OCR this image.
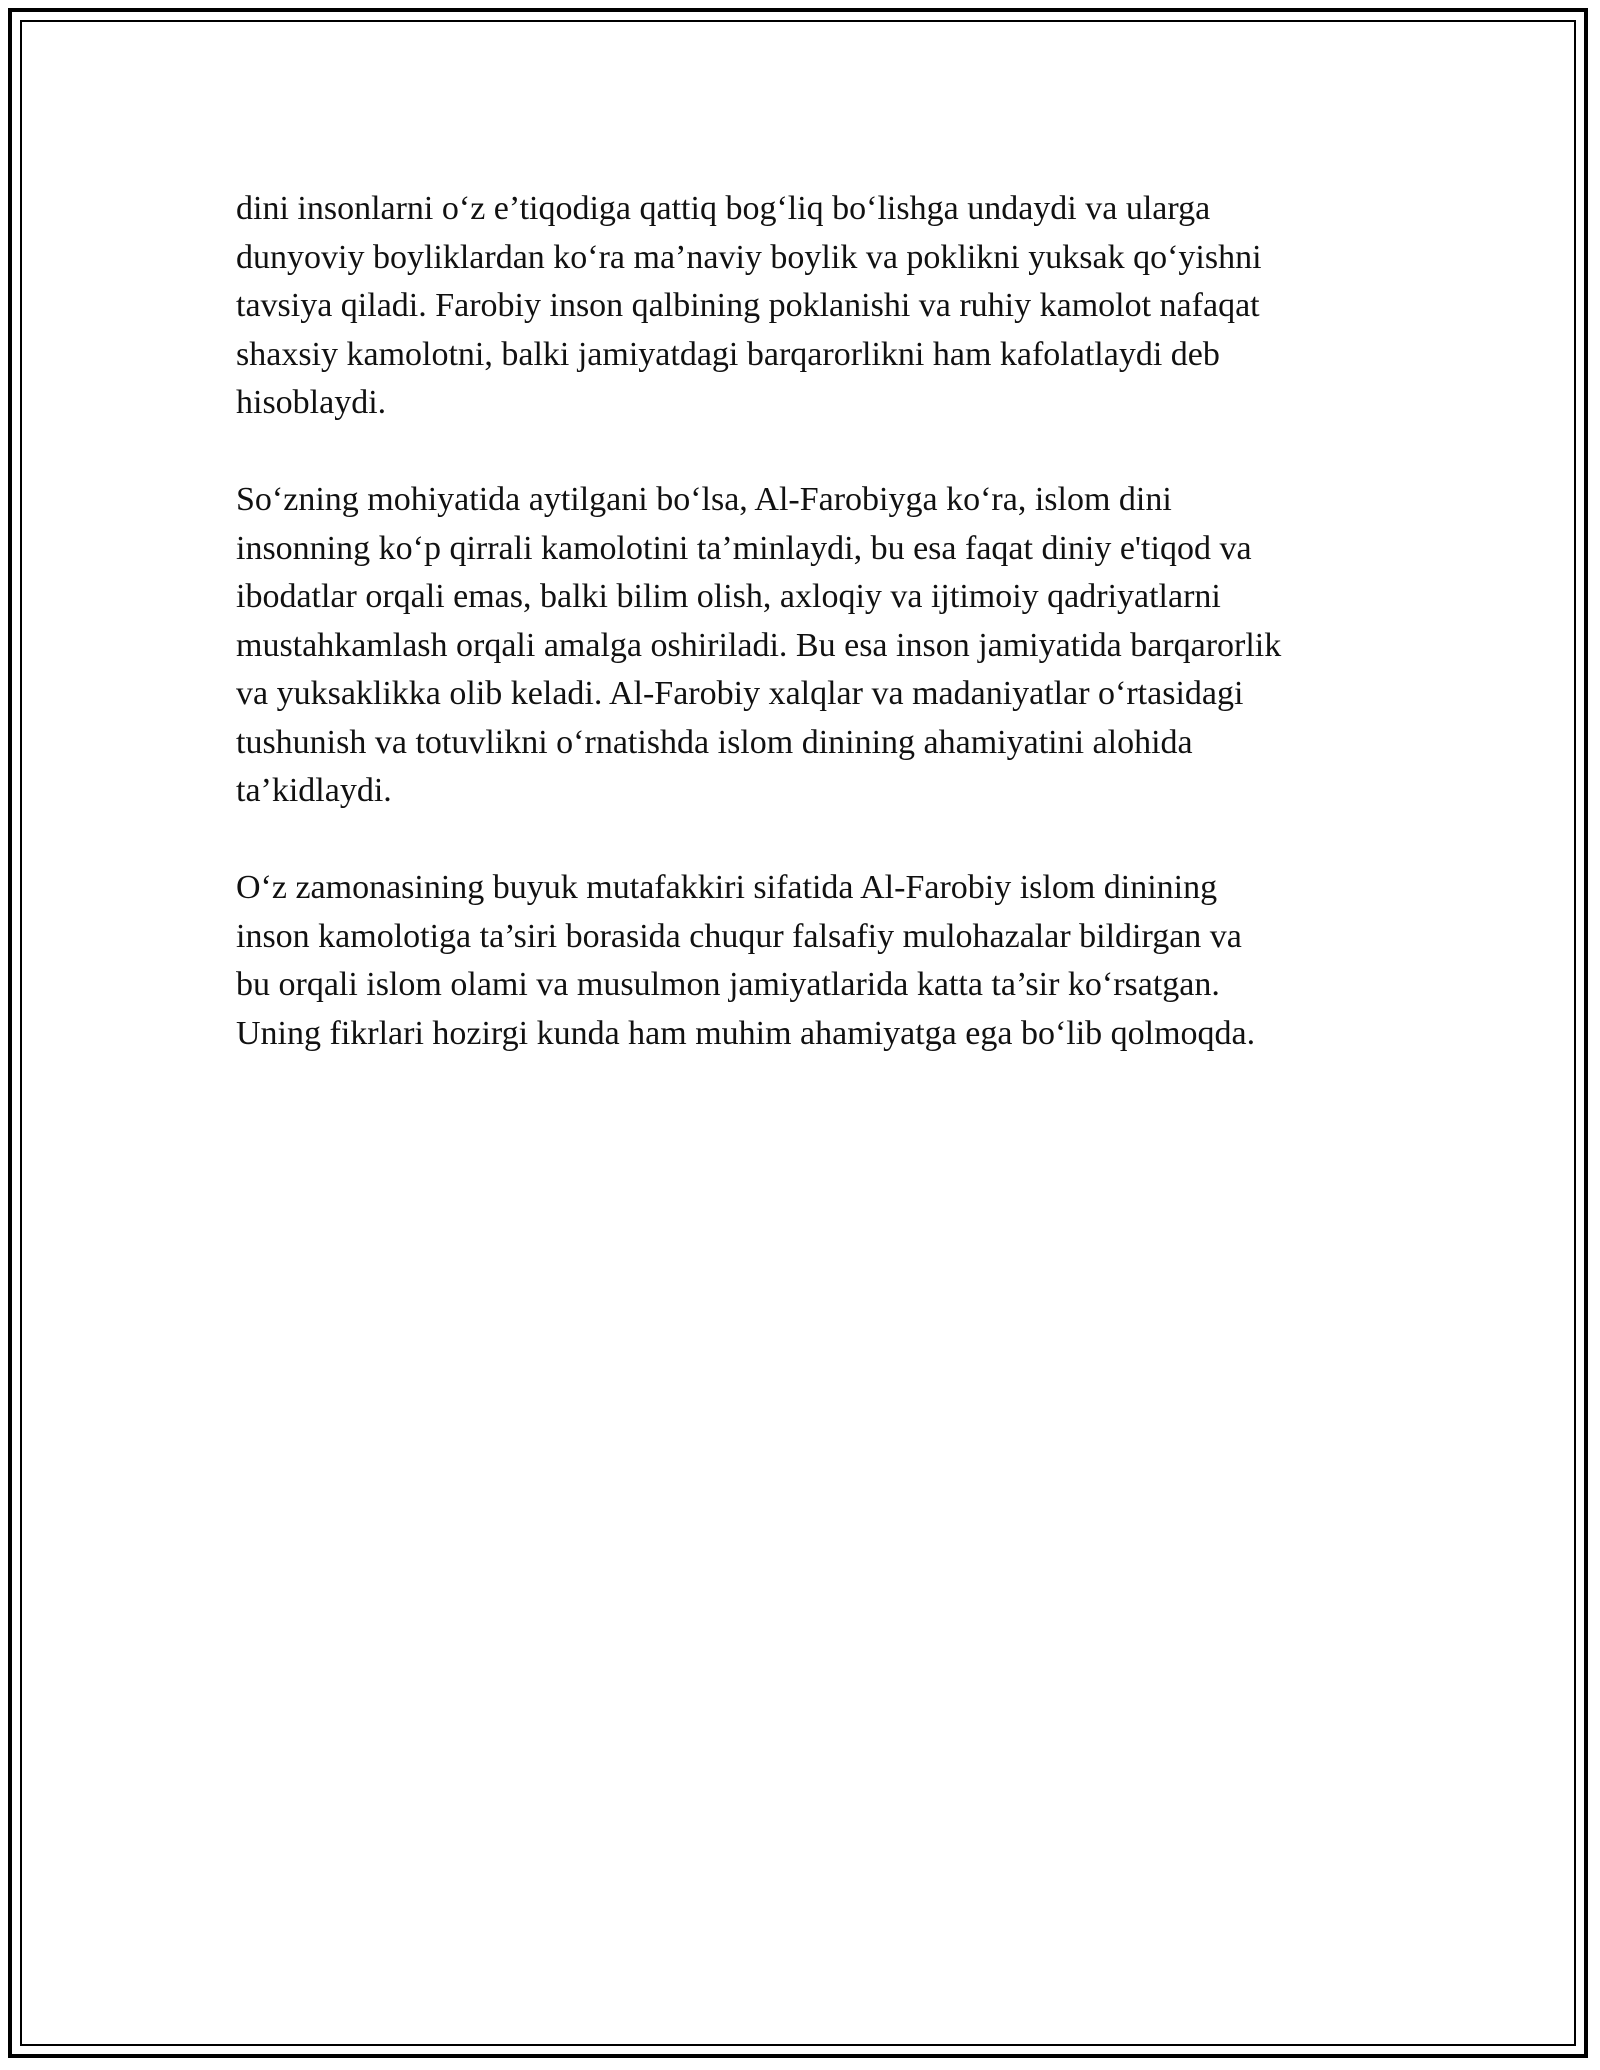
dini insonlarni o‘z e’tiqodiga qattiq bog‘liq bo‘lishga undaydi va ularga
dunyoviy boyliklardan ko‘ra ma’naviy boylik va poklikni yuksak qo‘yishni
tavsiya qiladi. Farobiy inson qalbining poklanishi va ruhiy kamolot nafaqat
shaxsiy kamolotni, balki jamiyatdagi barqarorlikni ham kafolatlaydi deb
hisoblaydi.

So‘zning mohiyatida aytilgani bo‘lsa, Al-Farobiyga ko‘ra, islom dini
insonning ko‘p qirrali kamolotini ta’minlaydi, bu esa faqat diniy e'tiqod va
ibodatlar orqali emas, balki bilim olish, axloqiy va ijtimoiy qadriyatlarni
mustahkamlash orqali amalga oshiriladi. Bu esa inson jamiyatida barqarorlik
va yuksaklikka olib keladi. Al-Farobiy xalqlar va madaniyatlar o‘rtasidagi
tushunish va totuvlikni o‘rnatishda islom dinining ahamiyatini alohida
ta’kidlaydi.

O‘z zamonasining buyuk mutafakkiri sifatida Al-Farobiy islom dinining
inson kamolotiga ta’siri borasida chuqur falsafiy mulohazalar bildirgan va
bu orqali islom olami va musulmon jamiyatlarida katta ta’sir ko‘rsatgan.
Uning fikrlari hozirgi kunda ham muhim ahamiyatga ega bo‘lib qolmoqda.
